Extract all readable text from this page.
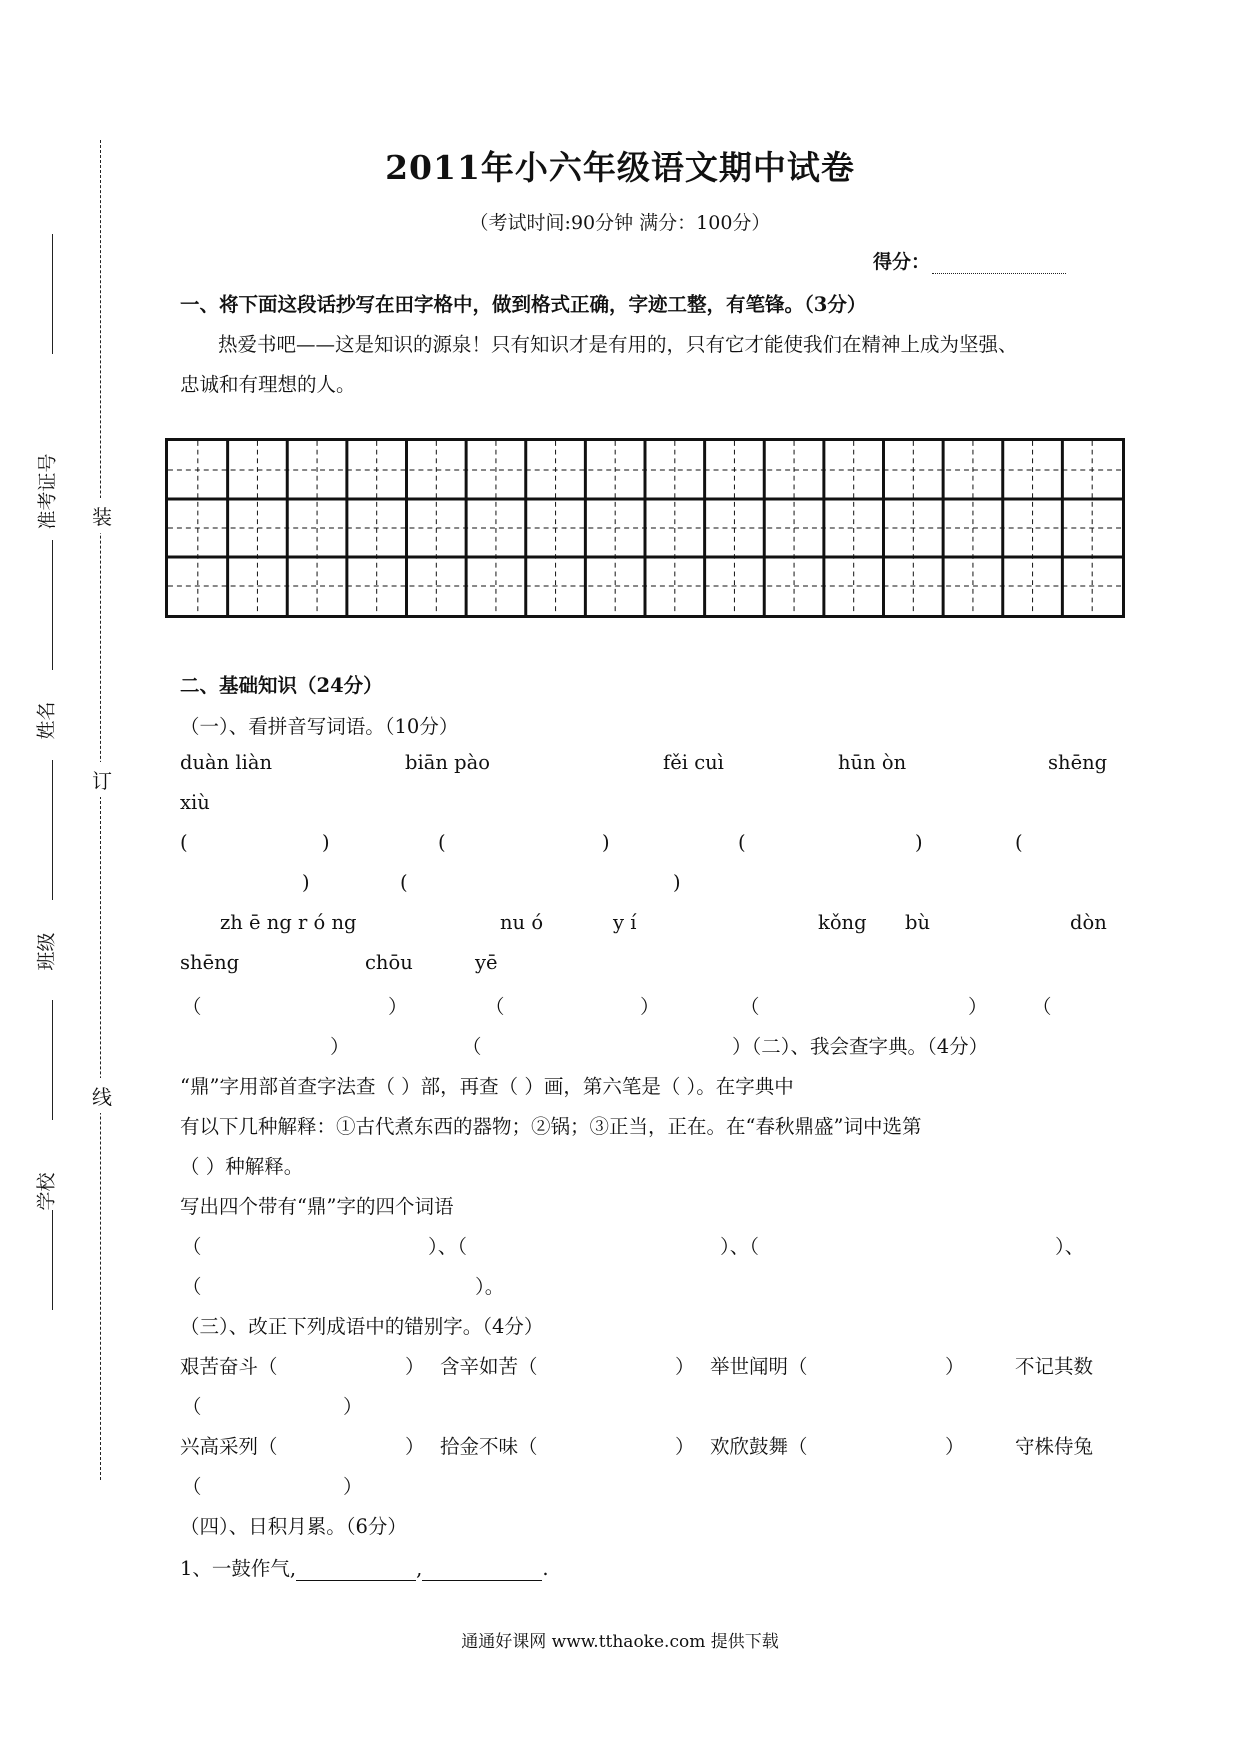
准考证号
姓名
班级
学校
装
订
线
2011年小六年级语文期中试卷
（考试时间:90分钟 满分：100分）
得分：
一、将下面这段话抄写在田字格中，做到格式正确，字迹工整，有笔锋。（3分）
热爱书吧——这是知识的源泉！只有知识才是有用的，只有它才能使我们在精神上成为坚强、
忠诚和有理想的人。
二、基础知识（24分）
（一）、看拼音写词语。（10分）
duàn liàn	biān pào	fěi cuì	hūn òn	shēng
xiù
(	)	(	)	(	)	(
)	(	)
zh ē ng r ó ng	nu ó	y í	kǒng bù	dòn
shēng	chōu	yē
（	）	（	）	（	） （
）	（	）（二）、我会查字典。（4分）
“鼎”字用部首查字法查（ ）部，再查（ ）画，第六笔是（ ）。在字典中
有以下几种解释：①古代煮东西的器物；②锅；③正当，正在。在“春秋鼎盛”词中选第
（ ）种解释。
写出四个带有“鼎”字的四个词语
（	）、（	）、（	）、
（	）。
（三）、改正下列成语中的错别字。（4分）
艰苦奋斗（	） 含辛如苦（	） 举世闻明（	）	不记其数
（	）
兴高采列（	） 拾金不味（	） 欢欣鼓舞（	）	守株侍兔
（	）
（四）、日积月累。（6分）
1、一鼓作气,	,	.
通通好课网 www.tthaoke.com 提供下载
